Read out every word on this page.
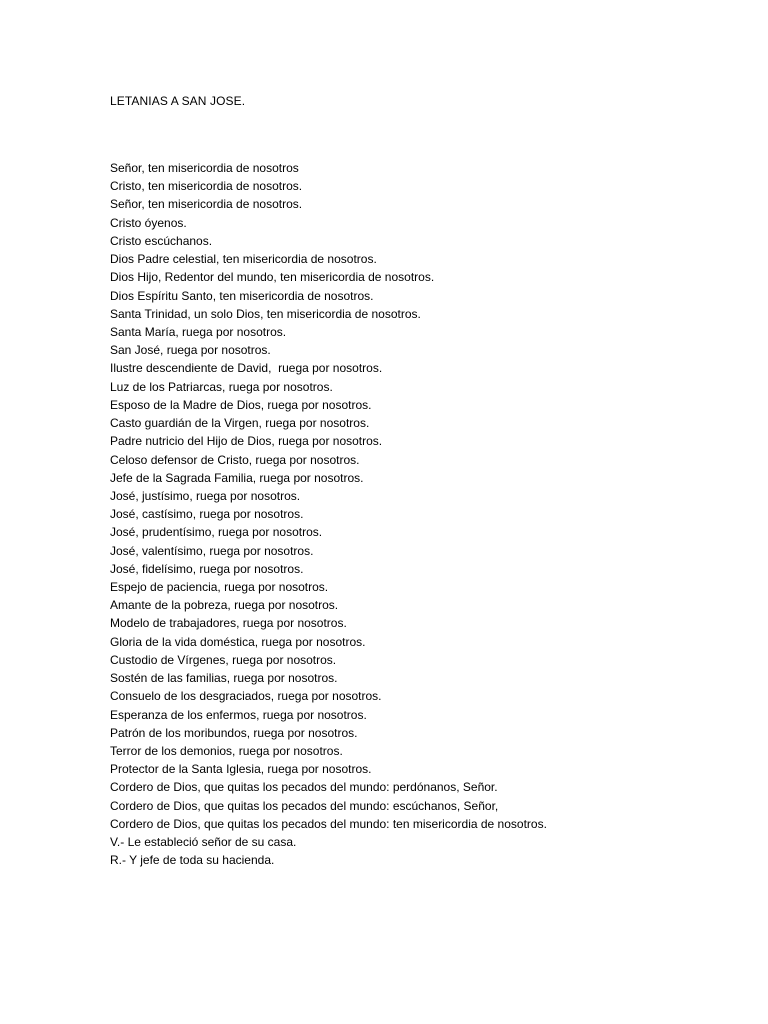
LETANIAS A SAN JOSE.
Señor, ten misericordia de nosotros
Cristo, ten misericordia de nosotros.
Señor, ten misericordia de nosotros.
Cristo óyenos.
Cristo escúchanos.
Dios Padre celestial, ten misericordia de nosotros.
Dios Hijo, Redentor del mundo, ten misericordia de nosotros.
Dios Espíritu Santo, ten misericordia de nosotros.
Santa Trinidad, un solo Dios, ten misericordia de nosotros.
Santa María, ruega por nosotros.
San José, ruega por nosotros.
Ilustre descendiente de David,  ruega por nosotros.
Luz de los Patriarcas, ruega por nosotros.
Esposo de la Madre de Dios, ruega por nosotros.
Casto guardián de la Virgen, ruega por nosotros.
Padre nutricio del Hijo de Dios, ruega por nosotros.
Celoso defensor de Cristo, ruega por nosotros.
Jefe de la Sagrada Familia, ruega por nosotros.
José, justísimo, ruega por nosotros.
José, castísimo, ruega por nosotros.
José, prudentísimo, ruega por nosotros.
José, valentísimo, ruega por nosotros.
José, fidelísimo, ruega por nosotros.
Espejo de paciencia, ruega por nosotros.
Amante de la pobreza, ruega por nosotros.
Modelo de trabajadores, ruega por nosotros.
Gloria de la vida doméstica, ruega por nosotros.
Custodio de Vírgenes, ruega por nosotros.
Sostén de las familias, ruega por nosotros.
Consuelo de los desgraciados, ruega por nosotros.
Esperanza de los enfermos, ruega por nosotros.
Patrón de los moribundos, ruega por nosotros.
Terror de los demonios, ruega por nosotros.
Protector de la Santa Iglesia, ruega por nosotros.
Cordero de Dios, que quitas los pecados del mundo: perdónanos, Señor.
Cordero de Dios, que quitas los pecados del mundo: escúchanos, Señor,
Cordero de Dios, que quitas los pecados del mundo: ten misericordia de nosotros.
V.- Le estableció señor de su casa.
R.- Y jefe de toda su hacienda.
